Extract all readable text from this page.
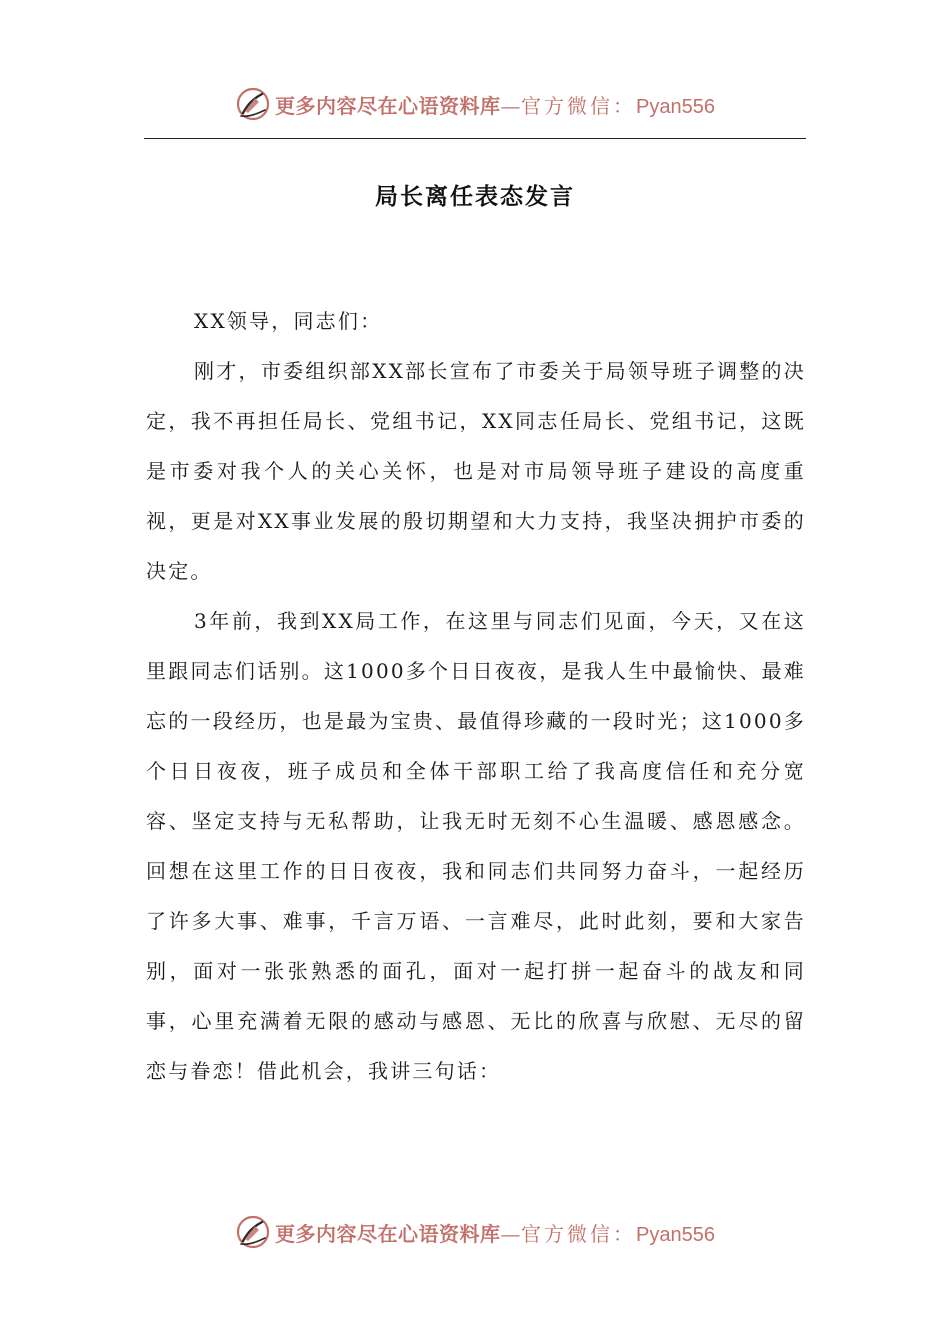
更多内容尽在心语资料库—官方微信：Pyan556
局长离任表态发言

XX领导，同志们：

刚才，市委组织部XX部长宣布了市委关于局领导班子调整的决定，我不再担任局长、党组书记，XX同志任局长、党组书记，这既是市委对我个人的关心关怀，也是对市局领导班子建设的高度重视，更是对XX事业发展的殷切期望和大力支持，我坚决拥护市委的决定。

3年前，我到XX局工作，在这里与同志们见面，今天，又在这里跟同志们话别。这1000多个日日夜夜，是我人生中最愉快、最难忘的一段经历，也是最为宝贵、最值得珍藏的一段时光；这1000多个日日夜夜，班子成员和全体干部职工给了我高度信任和充分宽容、坚定支持与无私帮助，让我无时无刻不心生温暖、感恩感念。回想在这里工作的日日夜夜，我和同志们共同努力奋斗，一起经历了许多大事、难事，千言万语、一言难尽，此时此刻，要和大家告别，面对一张张熟悉的面孔，面对一起打拼一起奋斗的战友和同事，心里充满着无限的感动与感恩、无比的欣喜与欣慰、无尽的留恋与眷恋！借此机会，我讲三句话：

更多内容尽在心语资料库—官方微信：Pyan556
